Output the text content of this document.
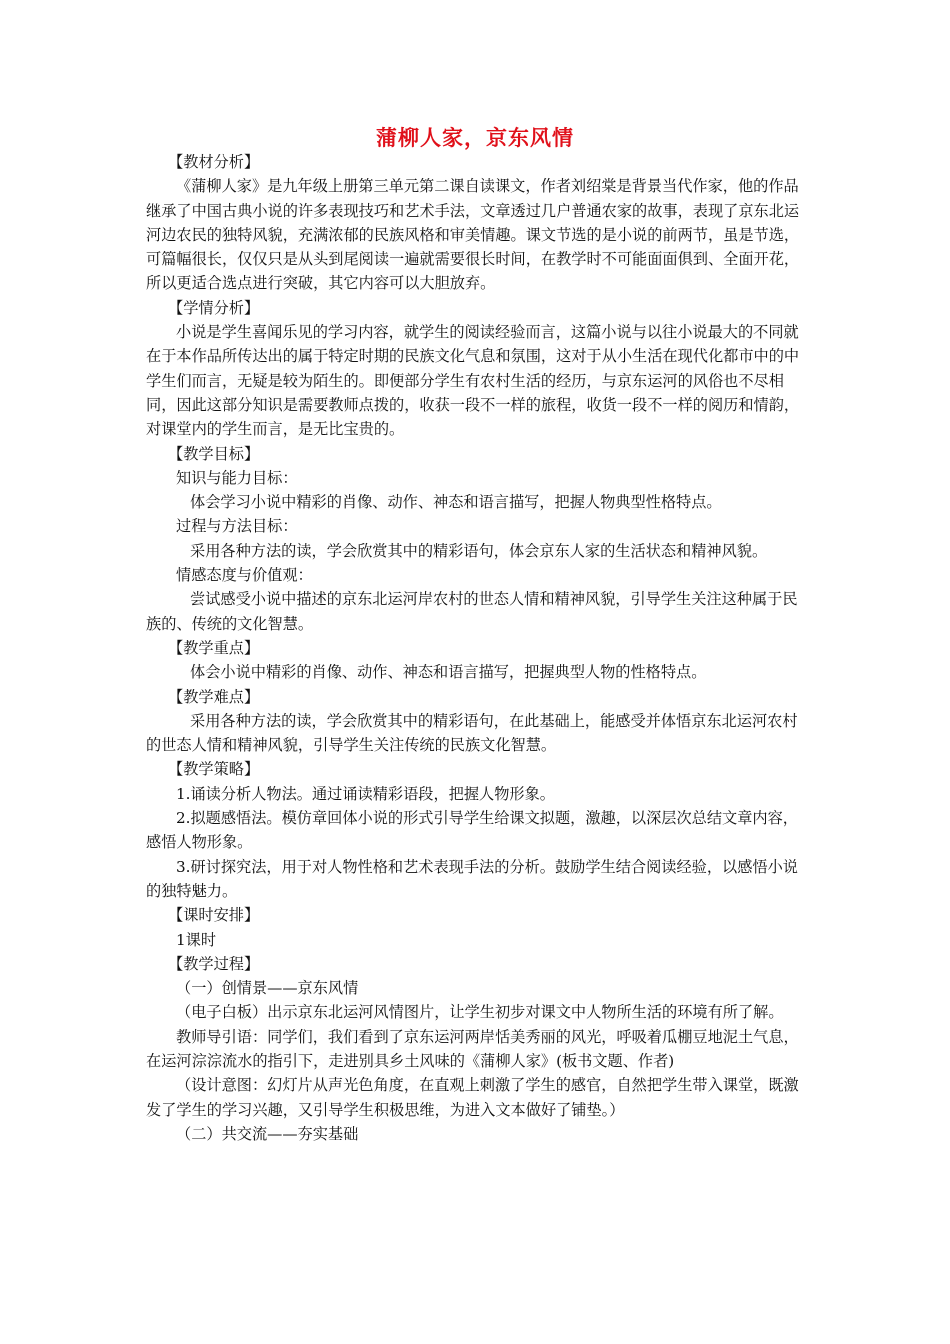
蒲柳人家，京东风情

【教材分析】

《蒲柳人家》是九年级上册第三单元第二课自读课文，作者刘绍棠是背景当代作家，他的作品继承了中国古典小说的许多表现技巧和艺术手法，文章透过几户普通农家的故事，表现了京东北运河边农民的独特风貌，充满浓郁的民族风格和审美情趣。课文节选的是小说的前两节，虽是节选，可篇幅很长，仅仅只是从头到尾阅读一遍就需要很长时间，在教学时不可能面面俱到、全面开花，所以更适合选点进行突破，其它内容可以大胆放弃。

【学情分析】

小说是学生喜闻乐见的学习内容，就学生的阅读经验而言，这篇小说与以往小说最大的不同就在于本作品所传达出的属于特定时期的民族文化气息和氛围，这对于从小生活在现代化都市中的中学生们而言，无疑是较为陌生的。即便部分学生有农村生活的经历，与京东运河的风俗也不尽相同，因此这部分知识是需要教师点拨的，收获一段不一样的旅程，收货一段不一样的阅历和情韵，对课堂内的学生而言，是无比宝贵的。

【教学目标】

知识与能力目标：

体会学习小说中精彩的肖像、动作、神态和语言描写，把握人物典型性格特点。

过程与方法目标：

采用各种方法的读，学会欣赏其中的精彩语句，体会京东人家的生活状态和精神风貌。

情感态度与价值观：

尝试感受小说中描述的京东北运河岸农村的世态人情和精神风貌，引导学生关注这种属于民族的、传统的文化智慧。

【教学重点】

体会小说中精彩的肖像、动作、神态和语言描写，把握典型人物的性格特点。

【教学难点】

采用各种方法的读，学会欣赏其中的精彩语句，在此基础上，能感受并体悟京东北运河农村的世态人情和精神风貌，引导学生关注传统的民族文化智慧。

【教学策略】

1.诵读分析人物法。通过诵读精彩语段，把握人物形象。

2.拟题感悟法。模仿章回体小说的形式引导学生给课文拟题，激趣，以深层次总结文章内容，感悟人物形象。

3.研讨探究法，用于对人物性格和艺术表现手法的分析。鼓励学生结合阅读经验，以感悟小说的独特魅力。

【课时安排】

1课时

【教学过程】

（一）创情景——京东风情

（电子白板）出示京东北运河风情图片，让学生初步对课文中人物所生活的环境有所了解。

教师导引语：同学们，我们看到了京东运河两岸恬美秀丽的风光，呼吸着瓜棚豆地泥土气息，在运河淙淙流水的指引下，走进别具乡土风味的《蒲柳人家》(板书文题、作者)

（设计意图：幻灯片从声光色角度，在直观上刺激了学生的感官，自然把学生带入课堂，既激发了学生的学习兴趣，又引导学生积极思维，为进入文本做好了铺垫。）

（二）共交流——夯实基础
